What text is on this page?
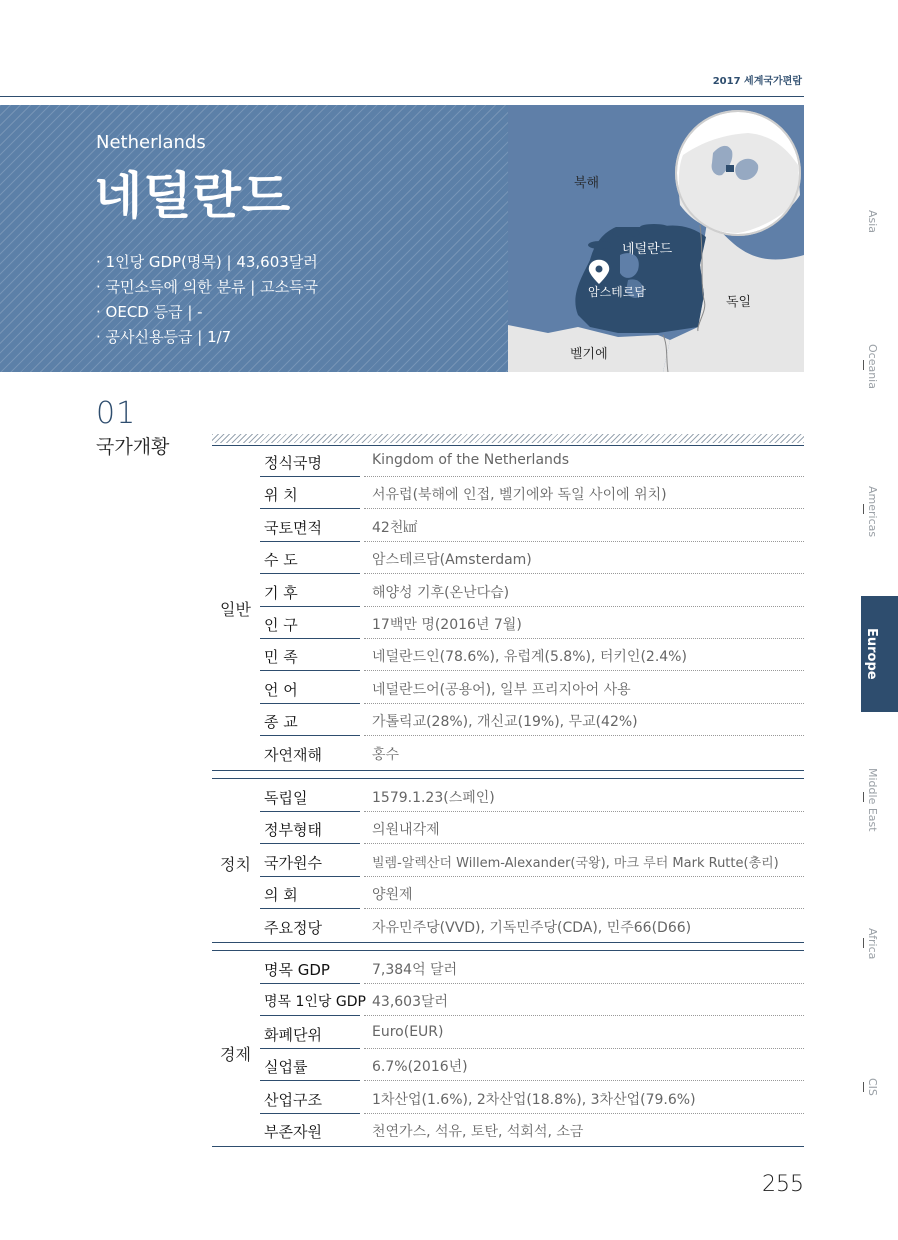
2017 세계국가편람
Netherlands
네덜란드
· 1인당 GDP(명목) | 43,603달러
· 국민소득에 의한 분류 | 고소득국
· OECD 등급 | -
· 공사신용등급 | 1/7
북해
네덜란드
암스테르담
독일
벨기에
01
국가개황
일반
정식국명	Kingdom of the Netherlands
위 치	서유럽(북해에 인접, 벨기에와 독일 사이에 위치)
국토면적	42천㎢
수 도	암스테르담(Amsterdam)
기 후	해양성 기후(온난다습)
인 구	17백만 명(2016년 7월)
민 족	네덜란드인(78.6%), 유럽계(5.8%), 터키인(2.4%)
언 어	네덜란드어(공용어), 일부 프리지아어 사용
종 교	가톨릭교(28%), 개신교(19%), 무교(42%)
자연재해	홍수
정치
독립일	1579.1.23(스페인)
정부형태	의원내각제
국가원수	빌렘-알렉산더 Willem-Alexander(국왕), 마크 루터 Mark Rutte(총리)
의 회	양원제
주요정당	자유민주당(VVD), 기독민주당(CDA), 민주66(D66)
경제
명목 GDP	7,384억 달러
명목 1인당 GDP 43,603달러
화폐단위	Euro(EUR)
실업률	6.7%(2016년)
산업구조	1차산업(1.6%), 2차산업(18.8%), 3차산업(79.6%)
부존자원	천연가스, 석유, 토탄, 석회석, 소금
Asia
Oceania
Americas
Europe
Middle East
Africa
CIS
255
